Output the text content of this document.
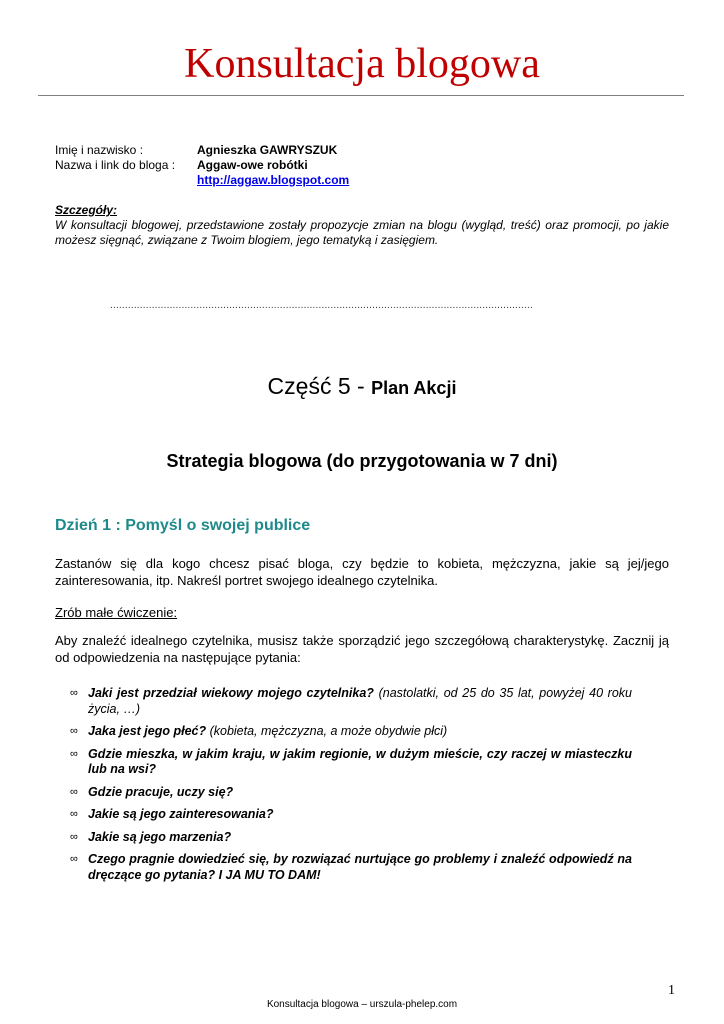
Konsultacja blogowa
Imię i nazwisko :	Agnieszka GAWRYSZUK
Nazwa i link do bloga : Aggaw-owe robótki
http://aggaw.blogspot.com
Szczegóły:
W konsultacji blogowej, przedstawione zostały propozycje zmian na blogu (wygląd, treść) oraz promocji, po jakie możesz sięgnąć, związane z Twoim blogiem, jego tematyką i zasięgiem.
..............................................................................................................................................
Część 5 - Plan Akcji
Strategia blogowa (do przygotowania w 7 dni)
Dzień 1 : Pomyśl o swojej publice
Zastanów się dla kogo chcesz pisać bloga, czy będzie to kobieta, mężczyzna, jakie są jej/jego zainteresowania, itp. Nakreśl portret swojego idealnego czytelnika.
Zrób małe ćwiczenie:
Aby znaleźć idealnego czytelnika, musisz także sporządzić jego szczegółową charakterystykę. Zacznij ją od odpowiedzenia na następujące pytania:
∞ Jaki jest przedział wiekowy mojego czytelnika? (nastolatki, od 25 do 35 lat, powyżej 40 roku życia, …)
∞ Jaka jest jego płeć? (kobieta, mężczyzna, a może obydwie płci)
∞ Gdzie mieszka, w jakim kraju, w jakim regionie, w dużym mieście, czy raczej w miasteczku lub na wsi?
∞ Gdzie pracuje, uczy się?
∞ Jakie są jego zainteresowania?
∞ Jakie są jego marzenia?
∞ Czego pragnie dowiedzieć się, by rozwiązać nurtujące go problemy i znaleźć odpowiedź na dręczące go pytania? I JA MU TO DAM!
1
Konsultacja blogowa – urszula-phelep.com
